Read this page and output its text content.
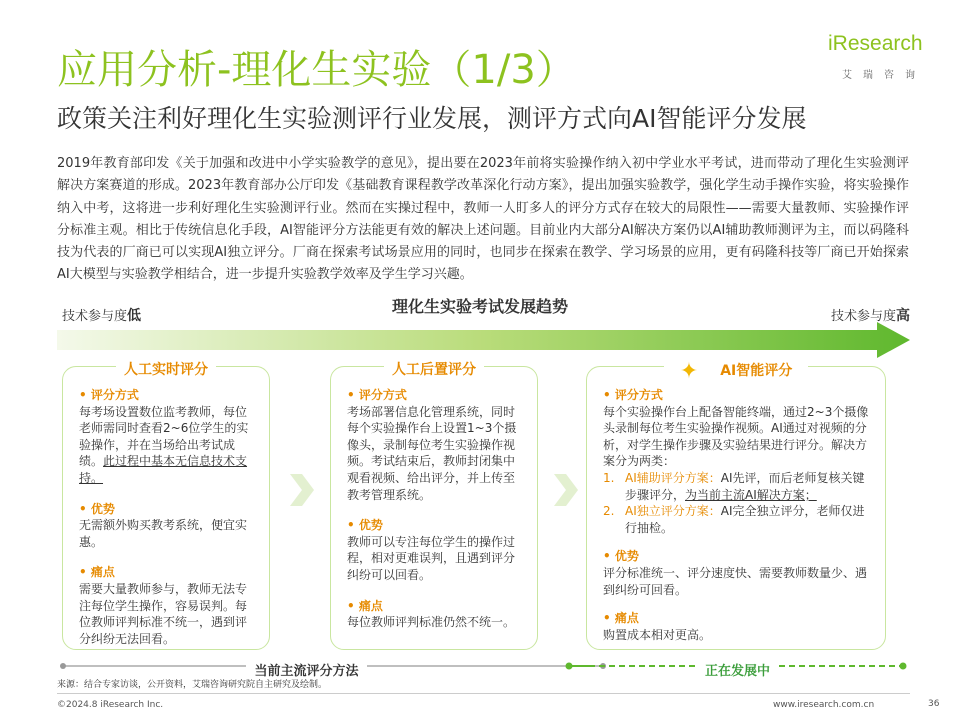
应用分析-理化生实验（1/3）
政策关注利好理化生实验测评行业发展，测评方式向AI智能评分发展
iResearch
艾瑞咨询
2019年教育部印发《关于加强和改进中小学实验教学的意见》，提出要在2023年前将实验操作纳入初中学业水平考试，进而带动了理化生实验测评解决方案赛道的形成。2023年教育部办公厅印发《基础教育课程教学改革深化行动方案》，提出加强实验教学，强化学生动手操作实验，将实验操作纳入中考，这将进一步利好理化生实验测评行业。然而在实操过程中，教师一人盯多人的评分方式存在较大的局限性——需要大量教师、实验操作评分标准主观。相比于传统信息化手段，AI智能评分方法能更有效的解决上述问题。目前业内大部分AI解决方案仍以AI辅助教师测评为主，而以码隆科技为代表的厂商已可以实现AI独立评分。厂商在探索考试场景应用的同时，也同步在探索在教学、学习场景的应用，更有码隆科技等厂商已开始探索AI大模型与实验教学相结合，进一步提升实验教学效率及学生学习兴趣。
理化生实验考试发展趋势
技术参与度低	技术参与度高
人工实时评分
• 评分方式
每考场设置数位监考教师，每位老师需同时查看2~6位学生的实验操作，并在当场给出考试成绩。此过程中基本无信息技术支持。
• 优势
无需额外购买教考系统，便宜实惠。
• 痛点
需要大量教师参与，教师无法专注每位学生操作，容易误判。每位教师评判标准不统一，遇到评分纠纷无法回看。
人工后置评分
• 评分方式
考场部署信息化管理系统，同时每个实验操作台上设置1~3个摄像头，录制每位考生实验操作视频。考试结束后，教师封闭集中观看视频、给出评分，并上传至教考管理系统。
• 优势
教师可以专注每位学生的操作过程，相对更难误判，且遇到评分纠纷可以回看。
• 痛点
每位教师评判标准仍然不统一。
✦ AI智能评分
• 评分方式
每个实验操作台上配备智能终端，通过2~3个摄像头录制每位考生实验操作视频。AI通过对视频的分析，对学生操作步骤及实验结果进行评分。解决方案分为两类：
1. AI辅助评分方案：AI先评，而后老师复核关键步骤评分，为当前主流AI解决方案；
2. AI独立评分方案：AI完全独立评分，老师仅进行抽检。
• 优势
评分标准统一、评分速度快、需要教师数量少、遇到纠纷可回看。
• 痛点
购置成本相对更高。
当前主流评分方法	正在发展中
来源：结合专家访谈，公开资料，艾瑞咨询研究院自主研究及绘制。
©2024.8 iResearch Inc.	www.iresearch.com.cn	36
